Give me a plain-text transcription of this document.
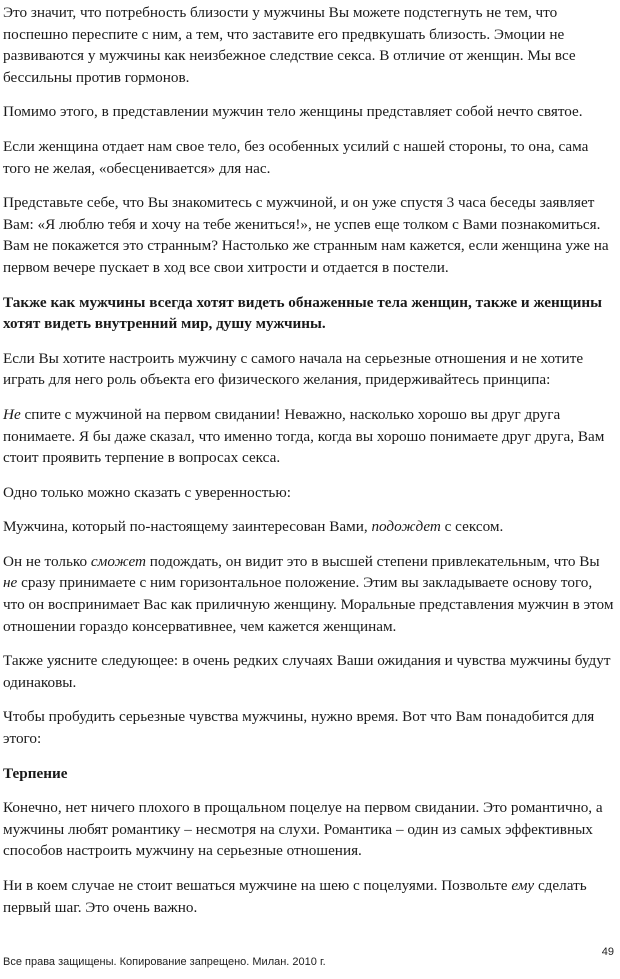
Это значит, что потребность близости у мужчины Вы можете подстегнуть не тем, что поспешно переспите с ним, а тем, что заставите его предвкушать близость. Эмоции не развиваются у мужчины как неизбежное следствие секса. В отличие от женщин. Мы все бессильны против гормонов.

Помимо этого, в представлении мужчин тело женщины представляет собой нечто святое.

Если женщина отдает нам свое тело, без особенных усилий с нашей стороны, то она, сама того не желая, «обесценивается» для нас.

Представьте себе, что Вы знакомитесь с мужчиной, и он уже спустя 3 часа беседы заявляет Вам: «Я люблю тебя и хочу на тебе жениться!», не успев еще толком с Вами познакомиться. Вам не покажется это странным? Настолько же странным нам кажется, если женщина уже на первом вечере пускает в ход все свои хитрости и отдается в постели.

Также как мужчины всегда хотят видеть обнаженные тела женщин, также и женщины хотят видеть внутренний мир, душу мужчины.

Если Вы хотите настроить мужчину с самого начала на серьезные отношения и не хотите играть для него роль объекта его физического желания, придерживайтесь принципа:

Не спите с мужчиной на первом свидании! Неважно, насколько хорошо вы друг друга понимаете. Я бы даже сказал, что именно тогда, когда вы хорошо понимаете друг друга, Вам стоит проявить терпение в вопросах секса.

Одно только можно сказать с уверенностью:

Мужчина, который по-настоящему заинтересован Вами, подождет с сексом.

Он не только сможет подождать, он видит это в высшей степени привлекательным, что Вы не сразу принимаете с ним горизонтальное положение. Этим вы закладываете основу того, что он воспринимает Вас как приличную женщину. Моральные представления мужчин в этом отношении гораздо консервативнее, чем кажется женщинам.

Также уясните следующее: в очень редких случаях Ваши ожидания и чувства мужчины будут одинаковы.

Чтобы пробудить серьезные чувства мужчины, нужно время. Вот что Вам понадобится для этого:

Терпение

Конечно, нет ничего плохого в прощальном поцелуе на первом свидании. Это романтично, а мужчины любят романтику – несмотря на слухи. Романтика – один из самых эффективных способов настроить мужчину на серьезные отношения.

Ни в коем случае не стоит вешаться мужчине на шею с поцелуями. Позвольте ему сделать первый шаг. Это очень важно.

Все права защищены. Копирование запрещено. Милан. 2010 г.
49
